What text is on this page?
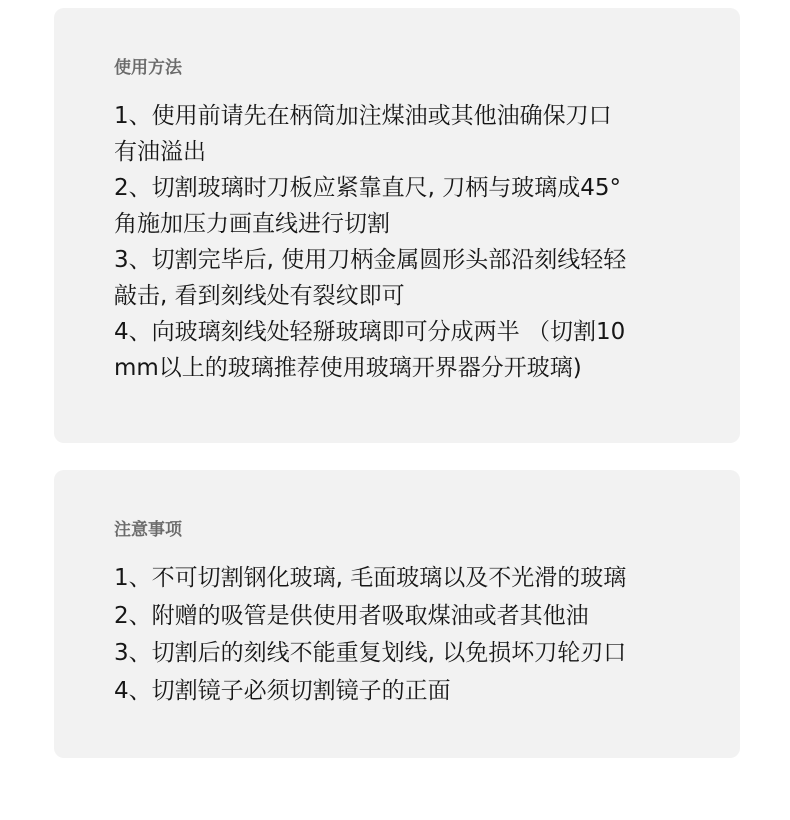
使用方法
1、使用前请先在柄筒加注煤油或其他油确保刀口
有油溢出
2、切割玻璃时刀板应紧靠直尺, 刀柄与玻璃成45°
角施加压力画直线进行切割
3、切割完毕后, 使用刀柄金属圆形头部沿刻线轻轻
敲击, 看到刻线处有裂纹即可
4、向玻璃刻线处轻掰玻璃即可分成两半 （切割10
mm以上的玻璃推荐使用玻璃开界器分开玻璃)
注意事项
1、不可切割钢化玻璃, 毛面玻璃以及不光滑的玻璃
2、附赠的吸管是供使用者吸取煤油或者其他油
3、切割后的刻线不能重复划线, 以免损坏刀轮刃口
4、切割镜子必须切割镜子的正面
